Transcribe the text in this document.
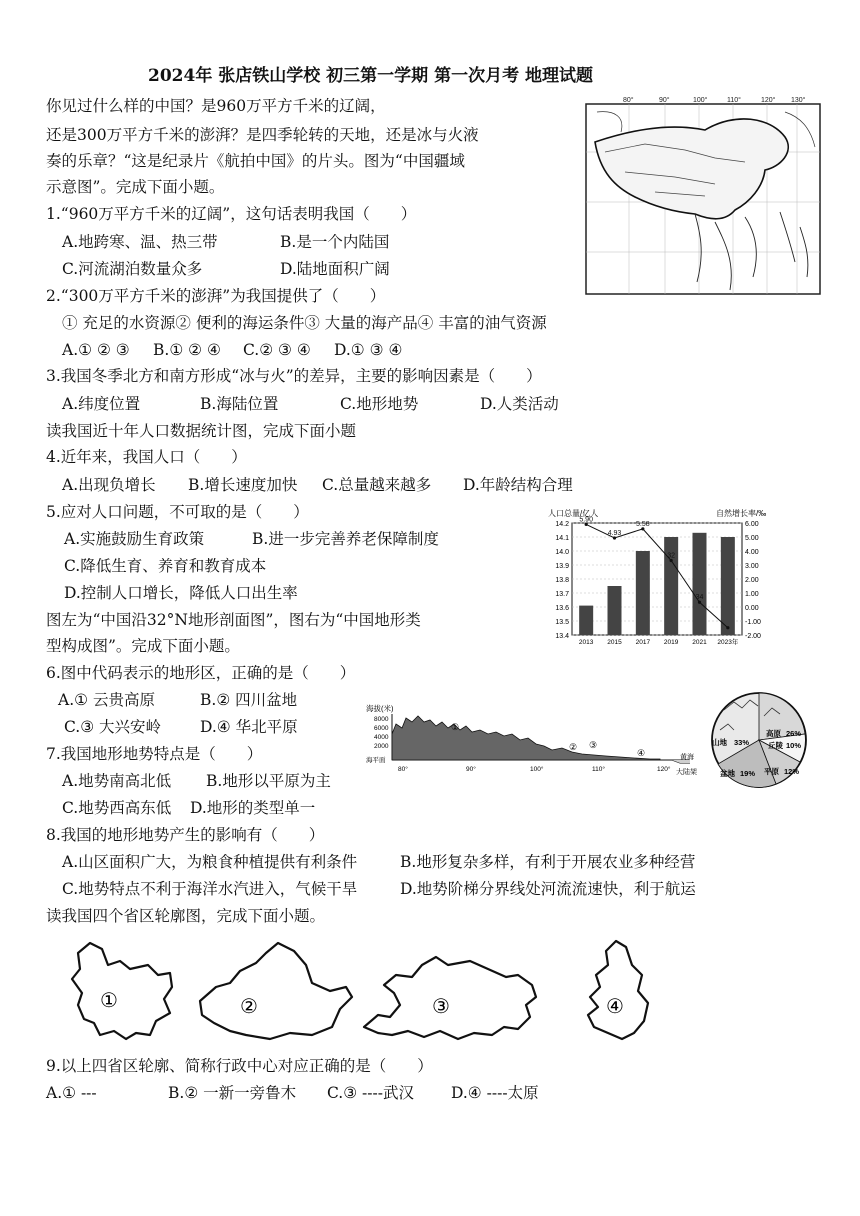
2024年 张店铁山学校 初三第一学期 第一次月考 地理试题
你见过什么样的中国？是960万平方千米的辽阔，
还是300万平方千米的澎湃？是四季轮转的天地，还是冰与火液
奏的乐章？“这是纪录片《航拍中国》的片头。图为“中国疆域
示意图”。完成下面小题。
80°	90°	100°	110°	120° 130°
1.“960万平方千米的辽阔”，这句话表明我国（　　）
A.地跨寒、温、热三带	B.是一个内陆国
C.河流湖泊数量众多	D.陆地面积广阔
2.“300万平方千米的澎湃”为我国提供了（　　）
① 充足的水资源② 便利的海运条件③ 大量的海产品④ 丰富的油气资源
A.① ② ③ B.① ② ④ C.② ③ ④ D.① ③ ④
3.我国冬季北方和南方形成“冰与火”的差异，主要的影响因素是（　　）
A.纬度位置	B.海陆位置	C.地形地势	D.人类活动
读我国近十年人口数据统计图，完成下面小题
4.近年来，我国人口（　　）
A.出现负增长 B.增长速度加快 C.总量越来越多 D.年龄结构合理
5.应对人口问题，不可取的是（　　）
A.实施鼓励生育政策	B.进一步完善养老保障制度
C.降低生育、养育和教育成本
D.控制人口增长，降低人口出生率
人口总量/亿人	自然增长率/‰
14.2
14.1
14.0
13.9
13.8
13.7
13.6
13.5
13.4
6.00
5.00
4.00
3.00
2.00
1.00
0.00
-1.00
-2.00
2013 2015 2017 2019 2021 2023年
5.90
4.93
5.58
32
34
图左为“中国沿32°N地形剖面图”，图右为“中国地形类
型构成图”。完成下面小题。
6.图中代码表示的地形区，正确的是（　　）
A.① 云贵高原	B.② 四川盆地
C.③ 大兴安岭	D.④ 华北平原
海拔(米)
8000
6000
4000
2000
海平面
①
② ③
④	黄海
大陆架
80°	90°	100°	110°	120°
高原 26%
丘陵 10%
山地 33%
盆地 19% 平原 12%
7.我国地形地势特点是（　　）
A.地势南高北低 B.地形以平原为主
C.地势西高东低 D.地形的类型单一
8.我国的地形地势产生的影响有（　　）
A.山区面积广大，为粮食种植提供有利条件	B.地形复杂多样，有利于开展农业多种经营
C.地势特点不利于海洋水汽进入，气候干旱	D.地势阶梯分界线处河流流速快，利于航运
读我国四个省区轮廓图，完成下面小题。
①	②	③	④
9.以上四省区轮廓、简称行政中心对应正确的是（　　）
A.① ---	B.② 一新一旁鲁木 C.③ ----武汉 D.④ ----太原
